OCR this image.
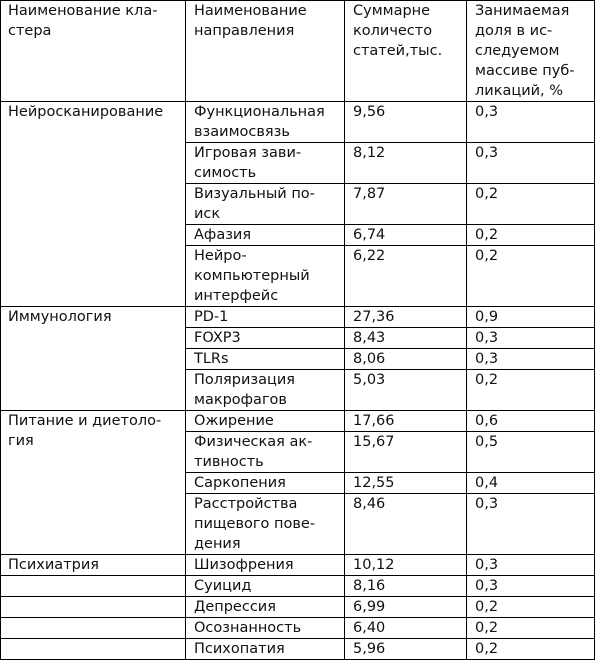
Наименование кла-
стера	Наименование
направления	Суммарне
количесто
статей,тыс.	Занимаемая
доля в ис-
следуемом
массиве пуб-
ликаций, %

Нейросканирование	Функциональная
взаимосвязь	9,56	0,3

	Игровая зави-
симость	8,12	0,3

	Визуальный по-
иск	7,87	0,2

	Афазия	6,74	0,2

	Нейро-
компьютерный
интерфейс	6,22	0,2

Иммунология	PD-1	27,36	0,9

	FOXP3	8,43	0,3

	TLRs	8,06	0,3

	Поляризация
макрофагов	5,03	0,2

Питание и диетоло-
гия	Ожирение	17,66	0,6

	Физическая ак-
тивность	15,67	0,5

	Саркопения	12,55	0,4

	Расстройства
пищевого пове-
дения	8,46	0,3

Психиатрия	Шизофрения	10,12	0,3

	Суицид	8,16	0,3

	Депрессия	6,99	0,2

	Осознанность	6,40	0,2

	Психопатия	5,96	0,2
